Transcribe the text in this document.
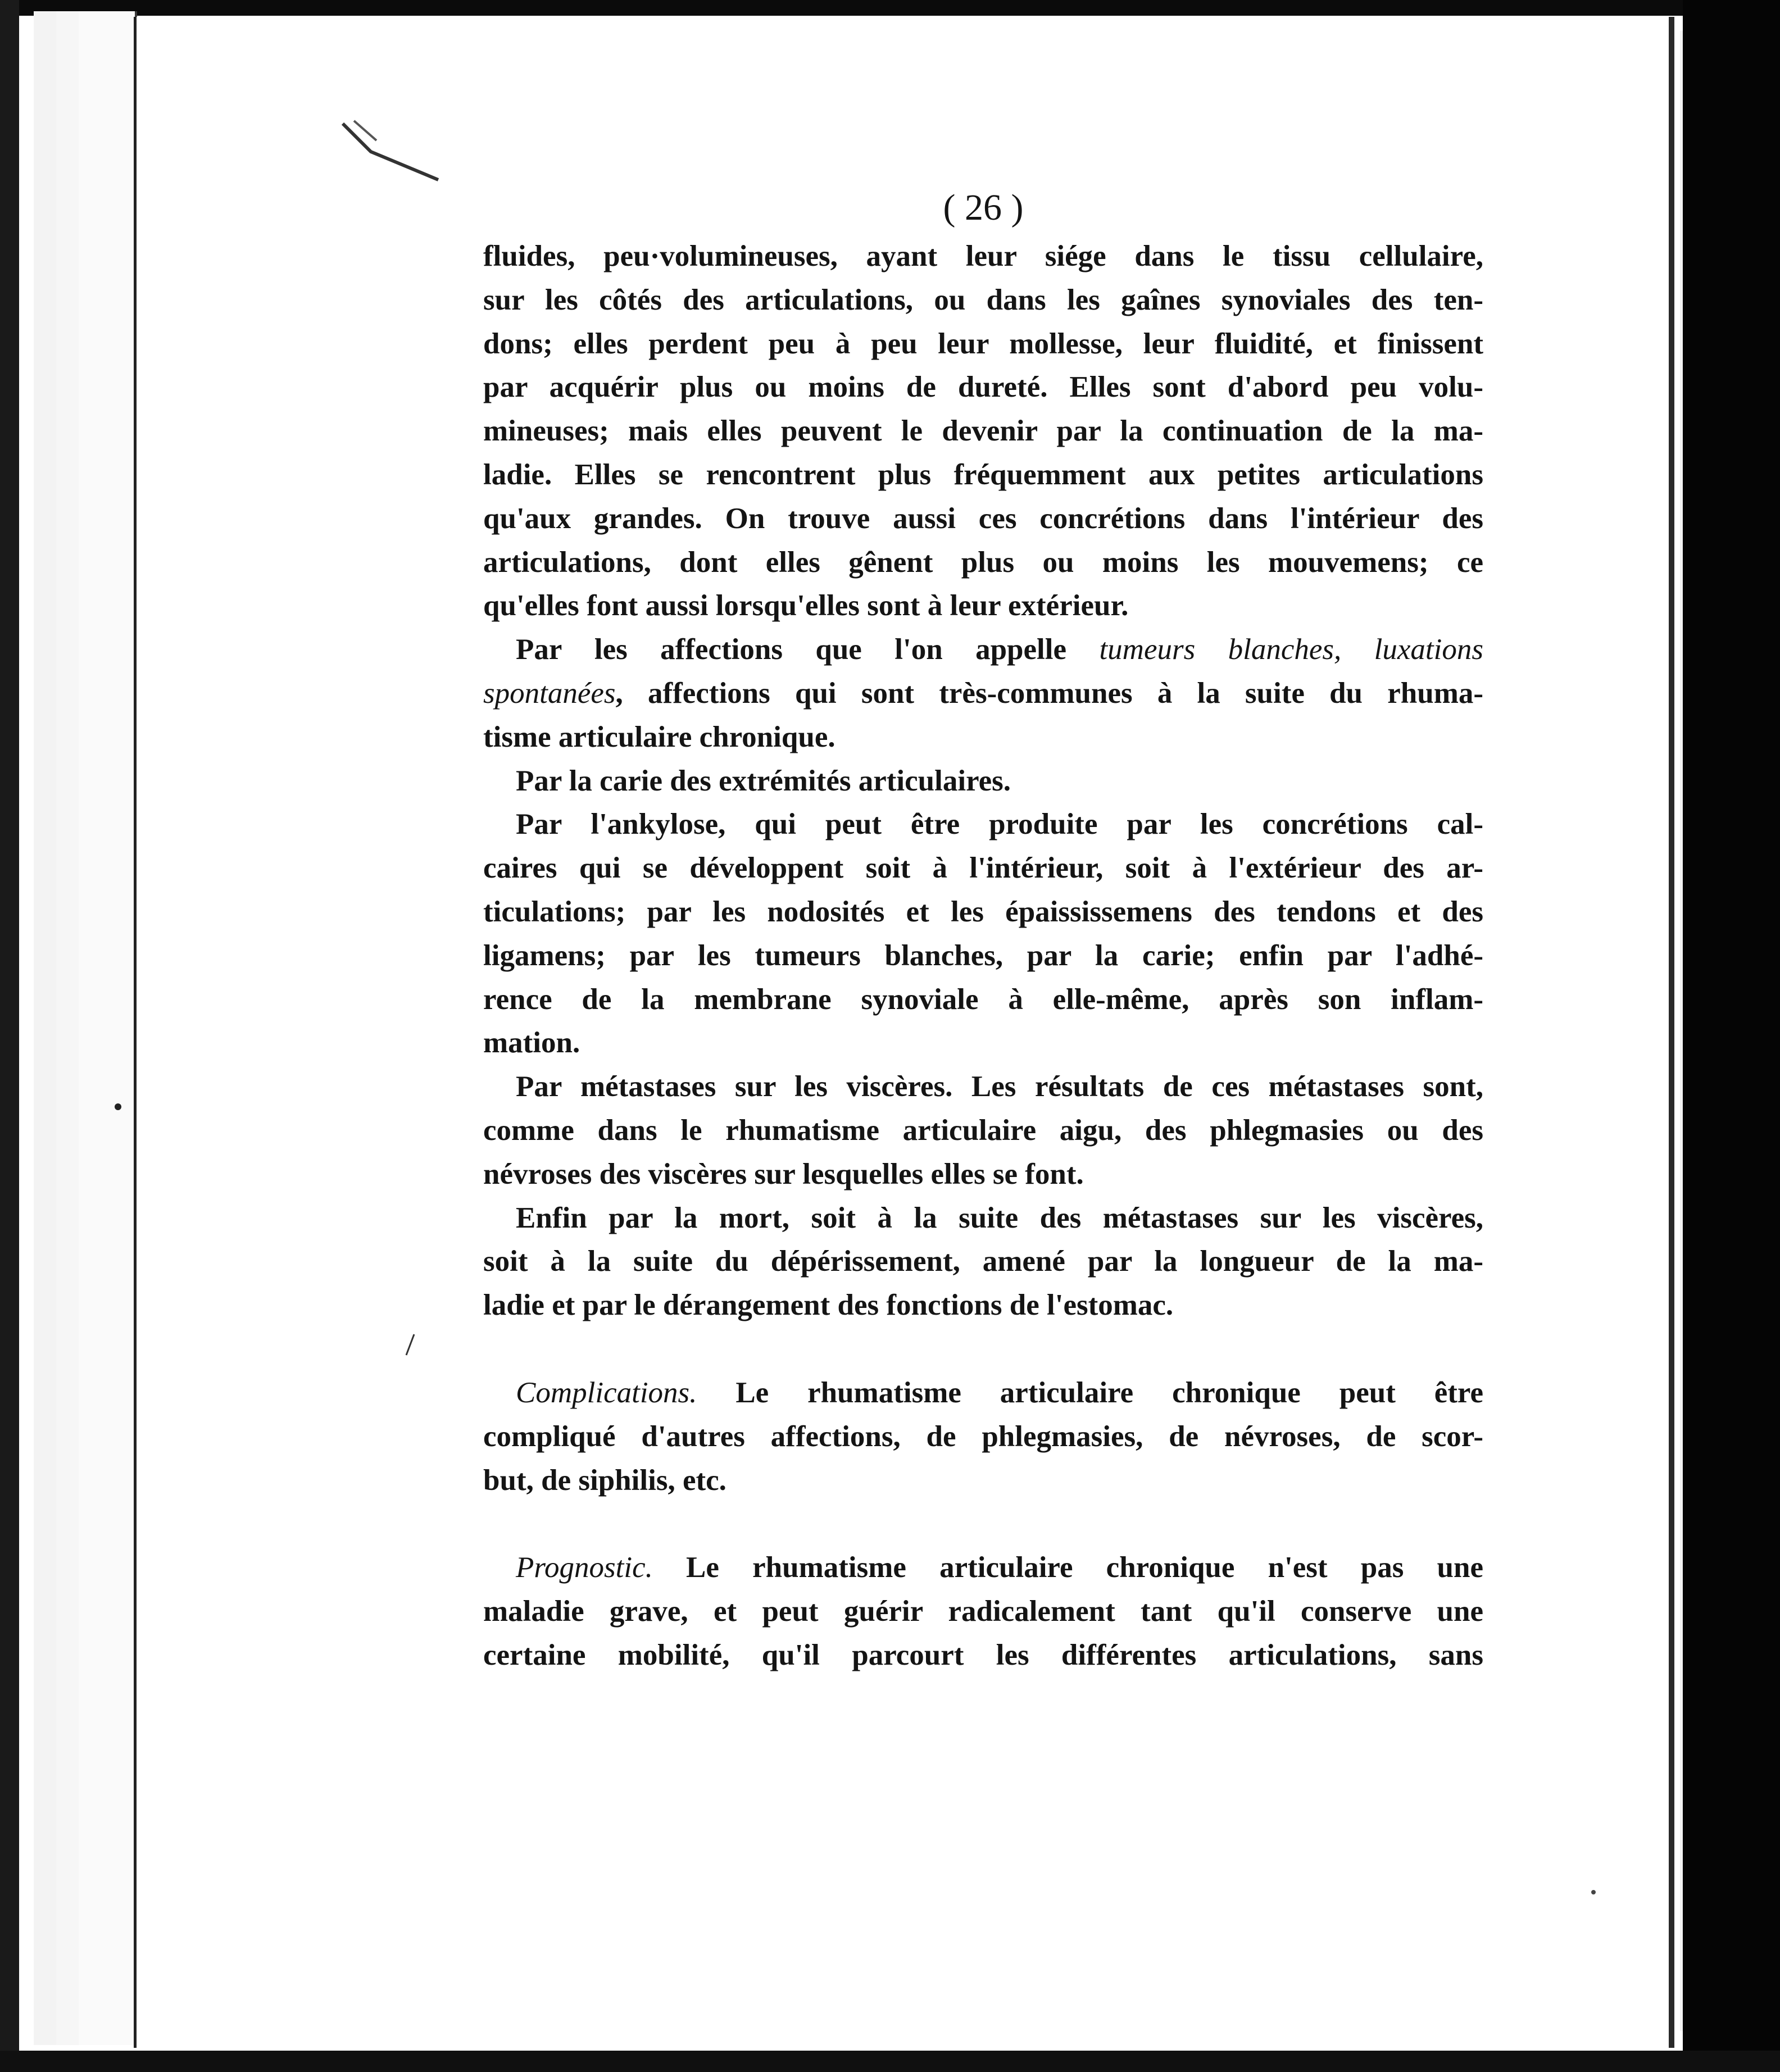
( 26 )

fluides, peu·volumineuses, ayant leur siége dans le tissu cellulaire,
sur les côtés des articulations, ou dans les gaînes synoviales des ten-
dons; elles perdent peu à peu leur mollesse, leur fluidité, et finissent
par acquérir plus ou moins de dureté. Elles sont d'abord peu volu-
mineuses; mais elles peuvent le devenir par la continuation de la ma-
ladie. Elles se rencontrent plus fréquemment aux petites articulations
qu'aux grandes. On trouve aussi ces concrétions dans l'intérieur des
articulations, dont elles gênent plus ou moins les mouvemens; ce
qu'elles font aussi lorsqu'elles sont à leur extérieur.

Par les affections que l'on appelle tumeurs blanches, luxations
spontanées, affections qui sont très-communes à la suite du rhuma-
tisme articulaire chronique.

Par la carie des extrémités articulaires.

Par l'ankylose, qui peut être produite par les concrétions cal-
caires qui se développent soit à l'intérieur, soit à l'extérieur des ar-
ticulations; par les nodosités et les épaississemens des tendons et des
ligamens; par les tumeurs blanches, par la carie; enfin par l'adhé-
rence de la membrane synoviale à elle-même, après son inflam-
mation.

Par métastases sur les viscères. Les résultats de ces métastases sont,
comme dans le rhumatisme articulaire aigu, des phlegmasies ou des
névroses des viscères sur lesquelles elles se font.

Enfin par la mort, soit à la suite des métastases sur les viscères,
soit à la suite du dépérissement, amené par la longueur de la ma-
ladie et par le dérangement des fonctions de l'estomac.

Complications. Le rhumatisme articulaire chronique peut être
compliqué d'autres affections, de phlegmasies, de névroses, de scor-
but, de siphilis, etc.

Prognostic. Le rhumatisme articulaire chronique n'est pas une
maladie grave, et peut guérir radicalement tant qu'il conserve une
certaine mobilité, qu'il parcourt les différentes articulations, sans
